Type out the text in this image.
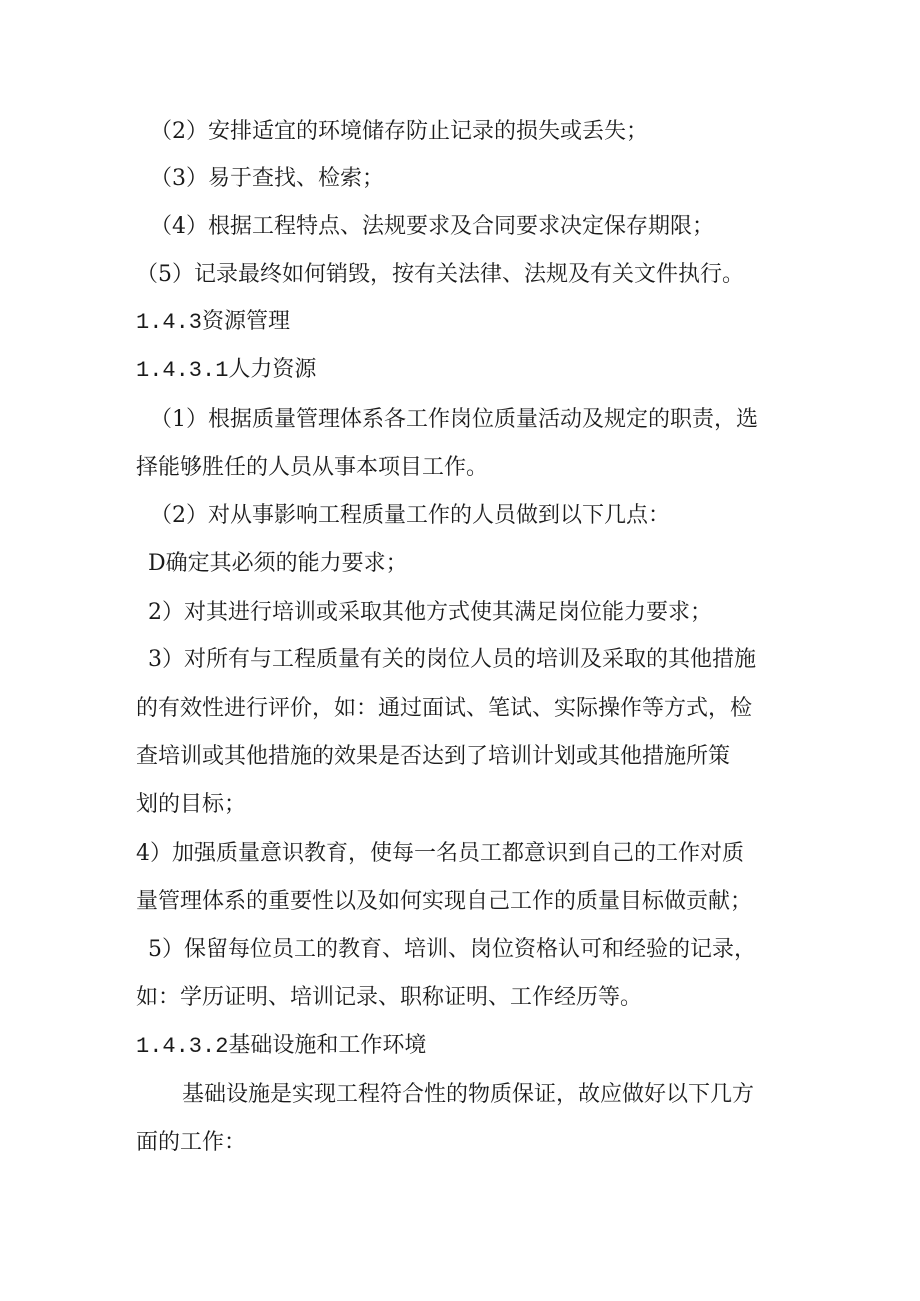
（2）安排适宜的环境储存防止记录的损失或丢失；
（3）易于查找、检索；
（4）根据工程特点、法规要求及合同要求决定保存期限；
（5）记录最终如何销毁，按有关法律、法规及有关文件执行。
1.4.3资源管理
1.4.3.1人力资源
（1）根据质量管理体系各工作岗位质量活动及规定的职责，选
择能够胜任的人员从事本项目工作。
（2）对从事影响工程质量工作的人员做到以下几点：
D确定其必须的能力要求；
2）对其进行培训或采取其他方式使其满足岗位能力要求；
3）对所有与工程质量有关的岗位人员的培训及采取的其他措施
的有效性进行评价，如：通过面试、笔试、实际操作等方式，检
查培训或其他措施的效果是否达到了培训计划或其他措施所策
划的目标；
4）加强质量意识教育，使每一名员工都意识到自己的工作对质
量管理体系的重要性以及如何实现自己工作的质量目标做贡献；
5）保留每位员工的教育、培训、岗位资格认可和经验的记录，
如：学历证明、培训记录、职称证明、工作经历等。
1.4.3.2基础设施和工作环境
基础设施是实现工程符合性的物质保证，故应做好以下几方
面的工作：
